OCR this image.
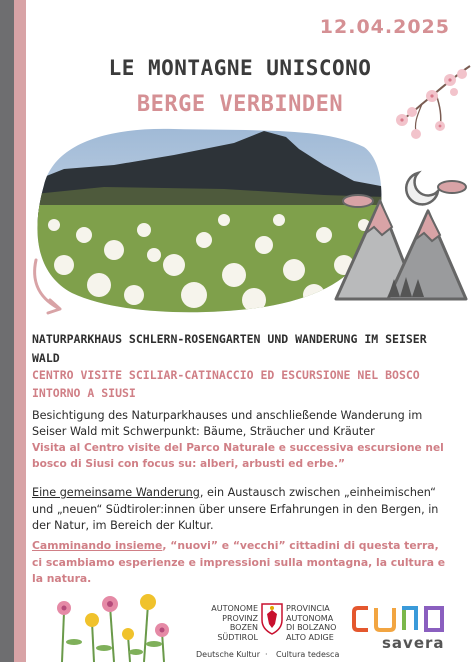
12.04.2025
LE MONTAGNE UNISCONO
BERGE VERBINDEN
NATURPARKHAUS SCHLERN-ROSENGARTEN UND WANDERUNG IM SEISER WALD
CENTRO VISITE SCILIAR-CATINACCIO ED ESCURSIONE NEL BOSCO INTORNO A SIUSI
Besichtigung des Naturparkhauses und anschließende Wanderung im Seiser Wald mit Schwerpunkt: Bäume, Sträucher und Kräuter
Visita al Centro visite del Parco Naturale e successiva escursione nel bosco di Siusi con focus su: alberi, arbusti ed erbe.”
Eine gemeinsame Wanderung, ein Austausch zwischen „einheimischen“ und „neuen“ Südtiroler:innen über unsere Erfahrungen in den Bergen, in der Natur, im Bereich der Kultur.
Camminando insieme, “nuovi” e “vecchi” cittadini di questa terra, ci scambiamo esperienze e impressioni sulla montagna, la cultura e la natura.
AUTONOME
PROVINZ
BOZEN
SÜDTIROL
PROVINCIA
AUTONOMA
DI BOLZANO
ALTO ADIGE
Deutsche Kultur · Cultura tedesca
savera
